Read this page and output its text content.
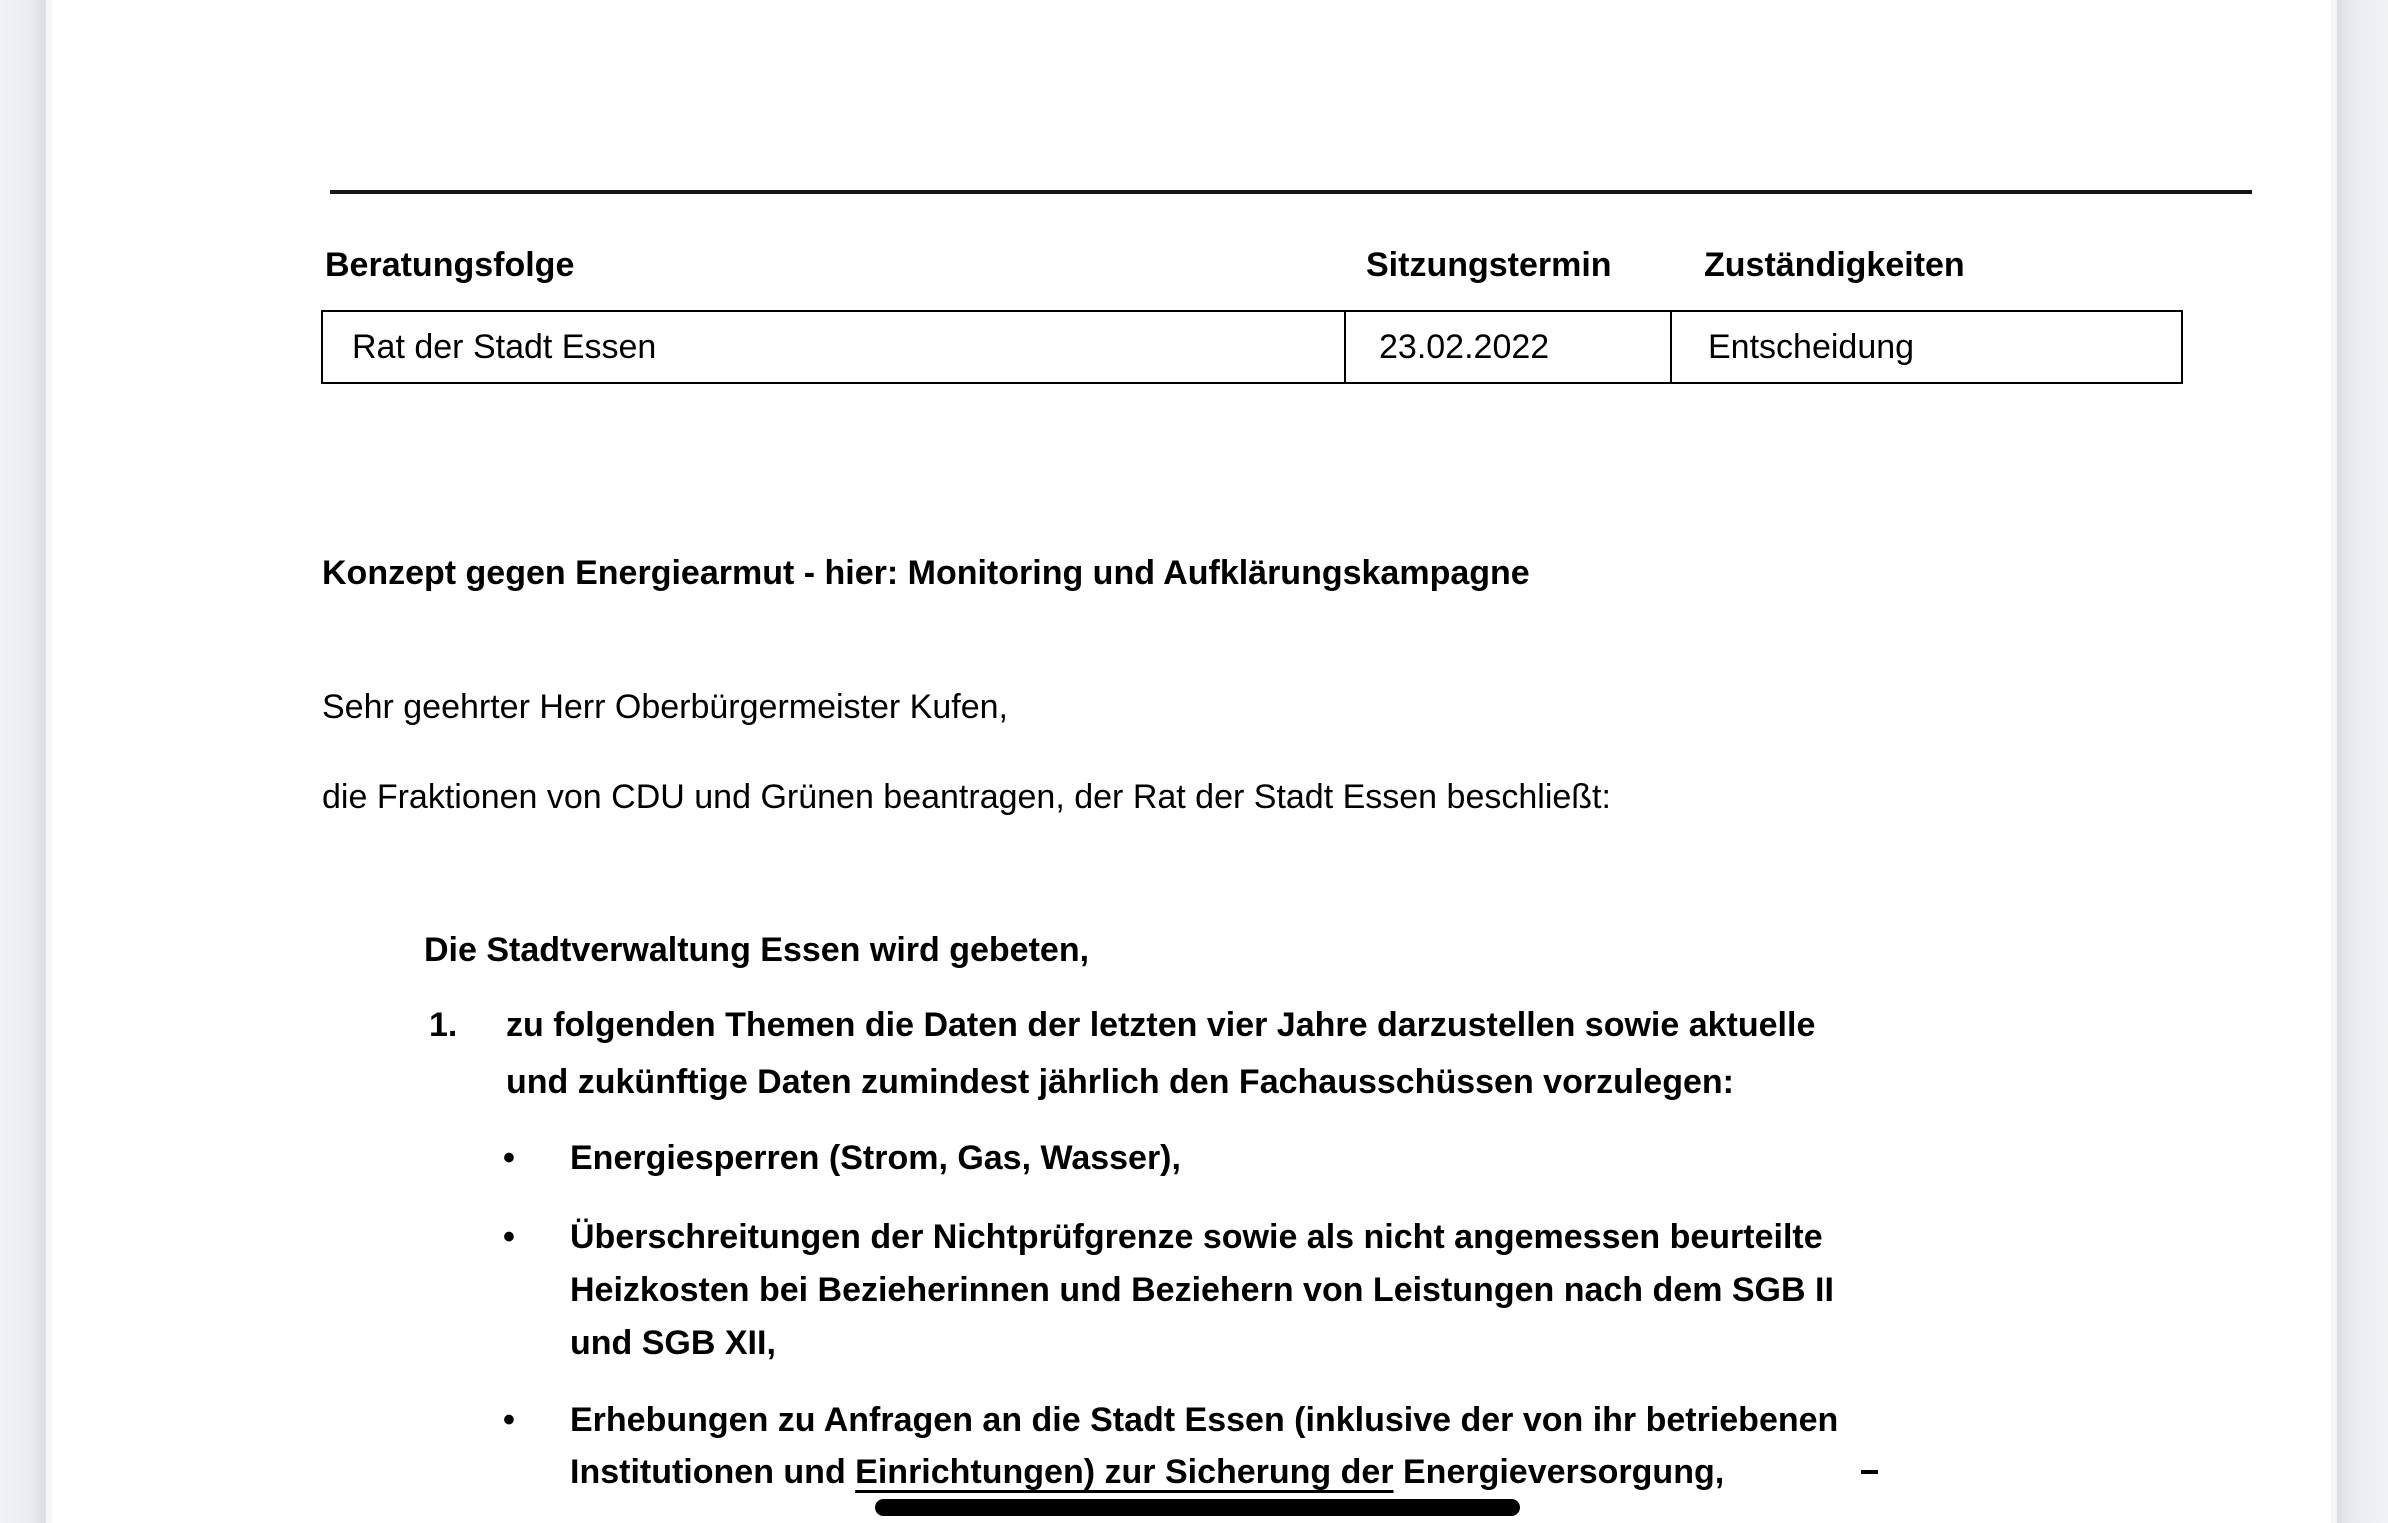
Beratungsfolge	Sitzungstermin	Zuständigkeiten
Rat der Stadt Essen	23.02.2022	Entscheidung
Konzept gegen Energiearmut - hier: Monitoring und Aufklärungskampagne
Sehr geehrter Herr Oberbürgermeister Kufen,
die Fraktionen von CDU und Grünen beantragen, der Rat der Stadt Essen beschließt:
Die Stadtverwaltung Essen wird gebeten,
1. zu folgenden Themen die Daten der letzten vier Jahre darzustellen sowie aktuelle
und zukünftige Daten zumindest jährlich den Fachausschüssen vorzulegen:
• Energiesperren (Strom, Gas, Wasser),
• Überschreitungen der Nichtprüfgrenze sowie als nicht angemessen beurteilte
Heizkosten bei Bezieherinnen und Beziehern von Leistungen nach dem SGB II
und SGB XII,
• Erhebungen zu Anfragen an die Stadt Essen (inklusive der von ihr betriebenen
Institutionen und Einrichtungen) zur Sicherung der Energieversorgung,
